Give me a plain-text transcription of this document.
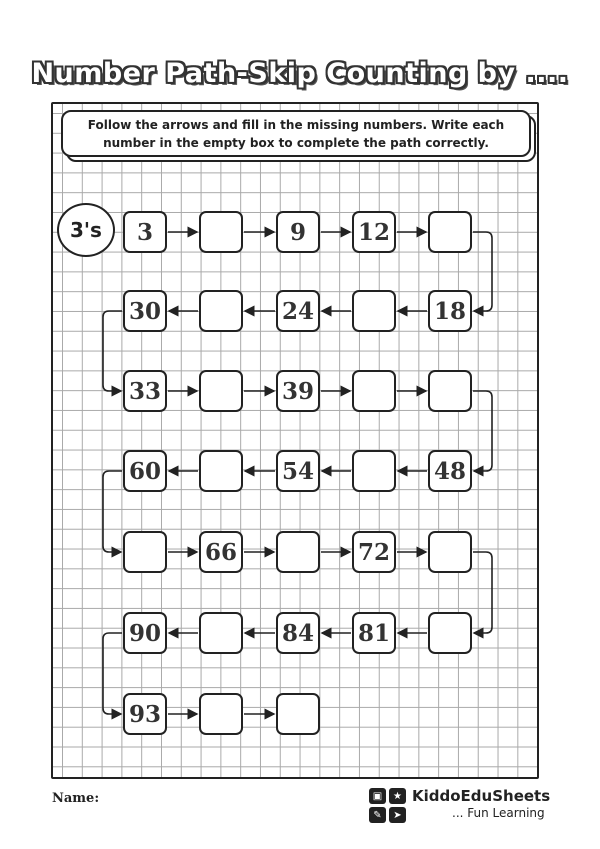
Number Path-Skip Counting by ....
Follow the arrows and fill in the missing numbers. Write each
number in the empty box to complete the path correctly.
3's	3	9	12
30	24	18
33	39
60	54	48
66	72
90	84 81
93
Name:	▣	★
✎	➤
KiddoEduSheets
... Fun Learning
